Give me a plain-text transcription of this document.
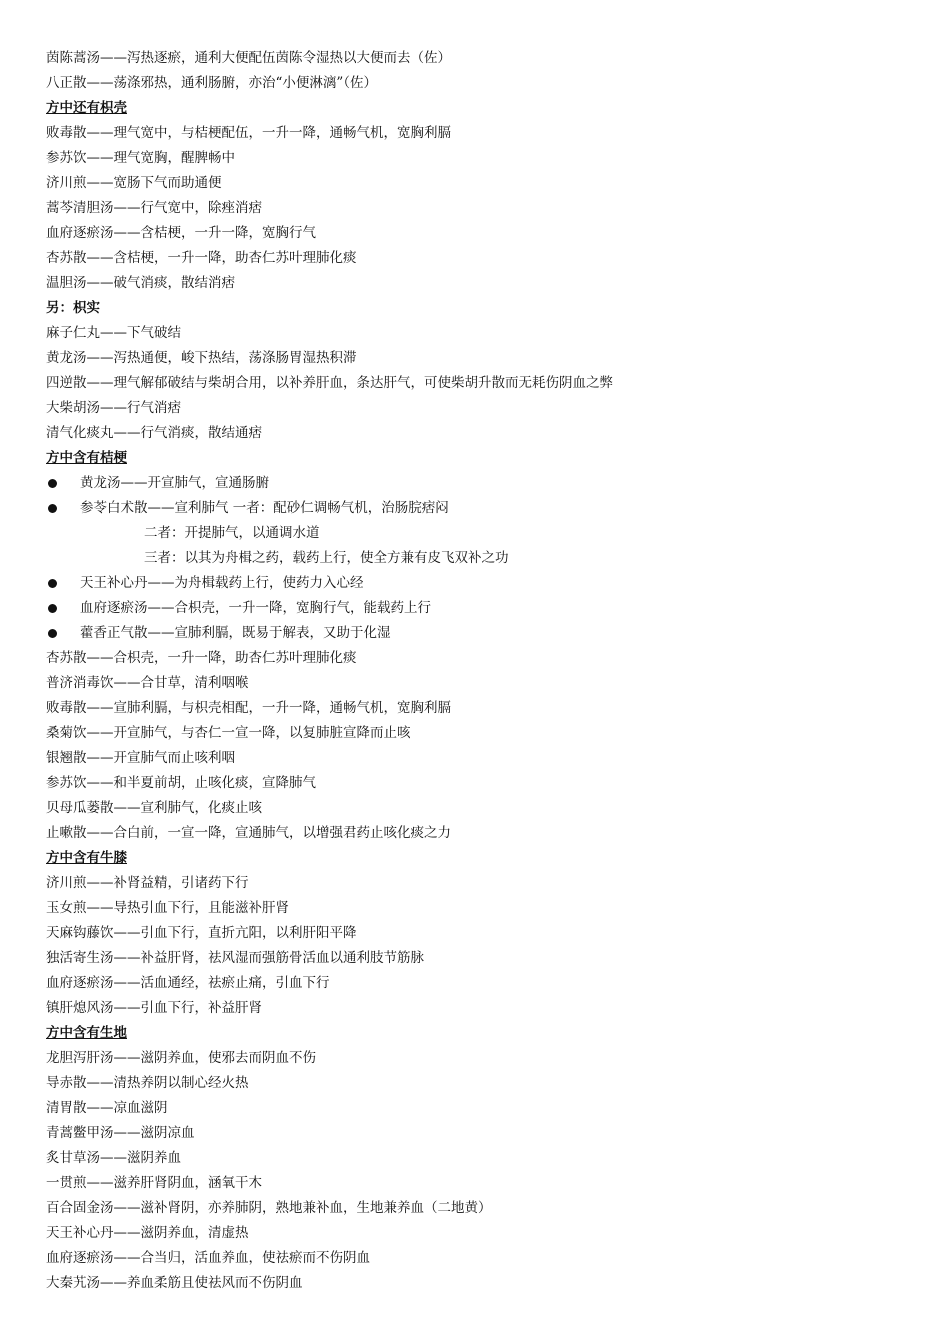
茵陈蒿汤——泻热逐瘀，通利大便配伍茵陈令湿热以大便而去（佐）
八正散——荡涤邪热，通利肠腑，亦治“小便淋漓”（佐）
方中还有枳壳
败毒散——理气宽中，与桔梗配伍，一升一降，通畅气机，宽胸利膈
参苏饮——理气宽胸，醒脾畅中
济川煎——宽肠下气而助通便
蒿芩清胆汤——行气宽中，除痤消痞
血府逐瘀汤——含桔梗，一升一降，宽胸行气
杏苏散——含桔梗，一升一降，助杏仁苏叶理肺化痰
温胆汤——破气消痰，散结消痞
另：枳实
麻子仁丸——下气破结
黄龙汤——泻热通便，峻下热结，荡涤肠胃湿热积滞
四逆散——理气解郁破结与柴胡合用，以补养肝血，条达肝气，可使柴胡升散而无耗伤阴血之弊
大柴胡汤——行气消痞
清气化痰丸——行气消痰，散结通痞
方中含有桔梗
黄龙汤——开宣肺气，宣通肠腑
参苓白术散——宣利肺气 一者：配砂仁调畅气机，治肠脘痞闷
二者：开提肺气，以通调水道
三者：以其为舟楫之药，载药上行，使全方兼有皮飞双补之功
天王补心丹——为舟楫载药上行，使药力入心经
血府逐瘀汤——合枳壳，一升一降，宽胸行气，能载药上行
藿香正气散——宣肺利膈，既易于解表，又助于化湿
杏苏散——合枳壳，一升一降，助杏仁苏叶理肺化痰
普济消毒饮——合甘草，清利咽喉
败毒散——宣肺利膈，与枳壳相配，一升一降，通畅气机，宽胸利膈
桑菊饮——开宣肺气，与杏仁一宣一降，以复肺脏宣降而止咳
银翘散——开宣肺气而止咳利咽
参苏饮——和半夏前胡，止咳化痰，宣降肺气
贝母瓜蒌散——宣利肺气，化痰止咳
止嗽散——合白前，一宣一降，宣通肺气，以增强君药止咳化痰之力
方中含有牛膝
济川煎——补肾益精，引诸药下行
玉女煎——导热引血下行，且能滋补肝肾
天麻钩藤饮——引血下行，直折亢阳，以利肝阳平降
独活寄生汤——补益肝肾，祛风湿而强筋骨活血以通利肢节筋脉
血府逐瘀汤——活血通经，祛瘀止痛，引血下行
镇肝熄风汤——引血下行，补益肝肾
方中含有生地
龙胆泻肝汤——滋阴养血，使邪去而阴血不伤
导赤散——清热养阴以制心经火热
清胃散——凉血滋阴
青蒿鳖甲汤——滋阴凉血
炙甘草汤——滋阴养血
一贯煎——滋养肝肾阴血，涵氧干木
百合固金汤——滋补肾阴，亦养肺阴，熟地兼补血，生地兼养血（二地黄）
天王补心丹——滋阴养血，清虚热
血府逐瘀汤——合当归，活血养血，使祛瘀而不伤阴血
大秦艽汤——养血柔筋且使祛风而不伤阴血
